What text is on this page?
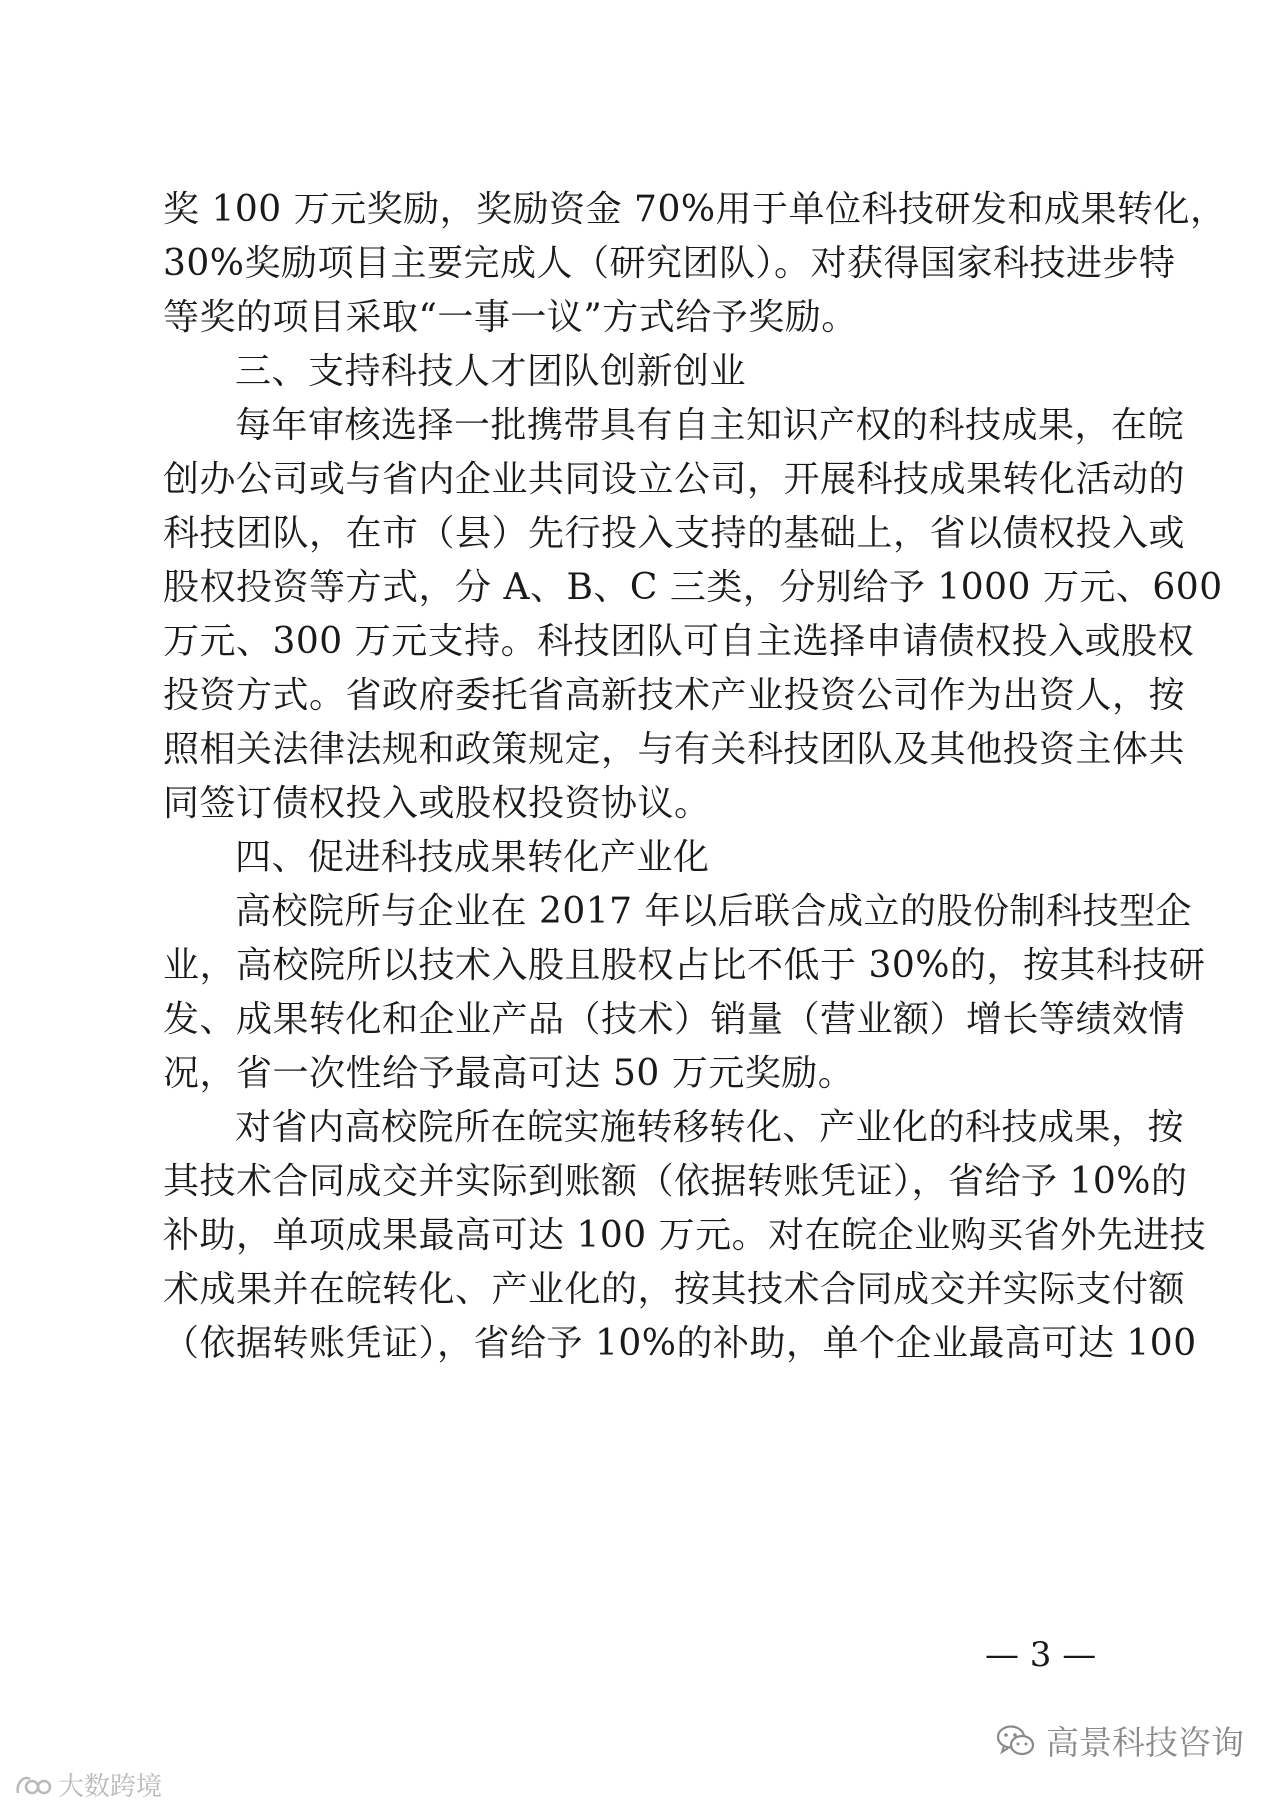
奖 100 万元奖励，奖励资金 70%用于单位科技研发和成果转化，
30%奖励项目主要完成人（研究团队）。对获得国家科技进步特
等奖的项目采取“一事一议”方式给予奖励。
三、支持科技人才团队创新创业
每年审核选择一批携带具有自主知识产权的科技成果，在皖
创办公司或与省内企业共同设立公司，开展科技成果转化活动的
科技团队，在市（县）先行投入支持的基础上，省以债权投入或
股权投资等方式，分 A、B、C 三类，分别给予 1000 万元、600
万元、300 万元支持。科技团队可自主选择申请债权投入或股权
投资方式。省政府委托省高新技术产业投资公司作为出资人，按
照相关法律法规和政策规定，与有关科技团队及其他投资主体共
同签订债权投入或股权投资协议。
四、促进科技成果转化产业化
高校院所与企业在 2017 年以后联合成立的股份制科技型企
业，高校院所以技术入股且股权占比不低于 30%的，按其科技研
发、成果转化和企业产品（技术）销量（营业额）增长等绩效情
况，省一次性给予最高可达 50 万元奖励。
对省内高校院所在皖实施转移转化、产业化的科技成果，按
其技术合同成交并实际到账额（依据转账凭证），省给予 10%的
补助，单项成果最高可达 100 万元。对在皖企业购买省外先进技
术成果并在皖转化、产业化的，按其技术合同成交并实际支付额
（依据转账凭证），省给予 10%的补助，单个企业最高可达 100
— 3 —
高景科技咨询
大数跨境
